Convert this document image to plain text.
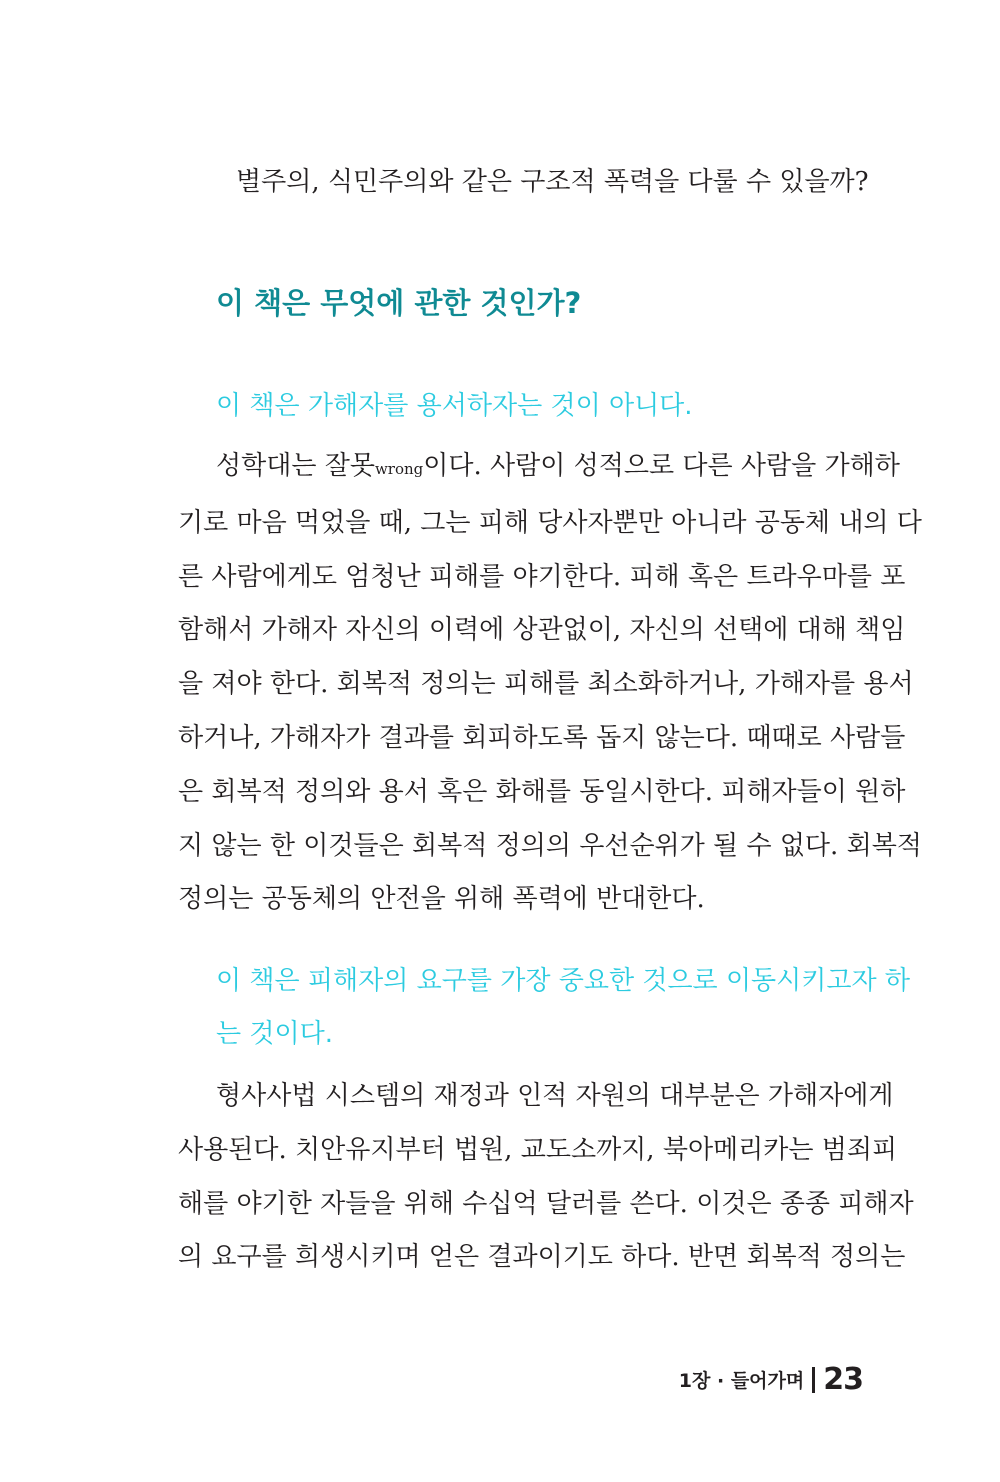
별주의, 식민주의와 같은 구조적 폭력을 다룰 수 있을까?
이 책은 무엇에 관한 것인가?
이 책은 가해자를 용서하자는 것이 아니다.
성학대는 잘못wrong이다. 사람이 성적으로 다른 사람을 가해하
기로 마음 먹었을 때, 그는 피해 당사자뿐만 아니라 공동체 내의 다
른 사람에게도 엄청난 피해를 야기한다. 피해 혹은 트라우마를 포
함해서 가해자 자신의 이력에 상관없이, 자신의 선택에 대해 책임
을 져야 한다. 회복적 정의는 피해를 최소화하거나, 가해자를 용서
하거나, 가해자가 결과를 회피하도록 돕지 않는다. 때때로 사람들
은 회복적 정의와 용서 혹은 화해를 동일시한다. 피해자들이 원하
지 않는 한 이것들은 회복적 정의의 우선순위가 될 수 없다. 회복적
정의는 공동체의 안전을 위해 폭력에 반대한다.
이 책은 피해자의 요구를 가장 중요한 것으로 이동시키고자 하
는 것이다.
형사사법 시스템의 재정과 인적 자원의 대부분은 가해자에게
사용된다. 치안유지부터 법원, 교도소까지, 북아메리카는 범죄피
해를 야기한 자들을 위해 수십억 달러를 쓴다. 이것은 종종 피해자
의 요구를 희생시키며 얻은 결과이기도 하다. 반면 회복적 정의는
1장 · 들어가며 23
